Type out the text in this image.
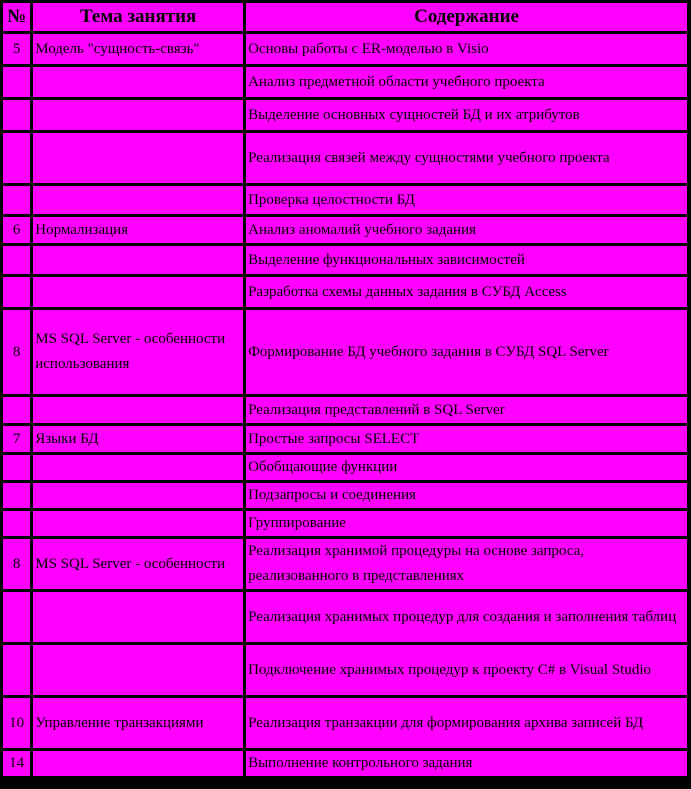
№	Тема занятия	Содержание
5	Модель "сущность-связь"	Основы работы с ER-моделью в Visio
		Анализ предметной области учебного проекта
		Выделение основных сущностей БД и их атрибутов
		Реализация связей между сущностями учебного проекта
		Проверка целостности БД
6	Нормализация	Анализ аномалий учебного задания
		Выделение функциональных зависимостей
		Разработка схемы данных задания в СУБД Access
8	MS SQL Server - особенности использования	Формирование БД учебного задания в СУБД SQL Server
		Реализация представлений в SQL Server
7	Языки БД	Простые запросы SELECT
		Обобщающие функции
		Подзапросы и соединения
		Группирование
8	MS SQL Server - особенности	Реализация хранимой процедуры на основе запроса, реализованного в представлениях
		Реализация хранимых процедур для создания и заполнения таблиц
		Подключение хранимых процедур к проекту C# в Visual Studio
10	Управление транзакциями	Реализация транзакции для формирования архива записей БД
14		Выполнение контрольного задания
